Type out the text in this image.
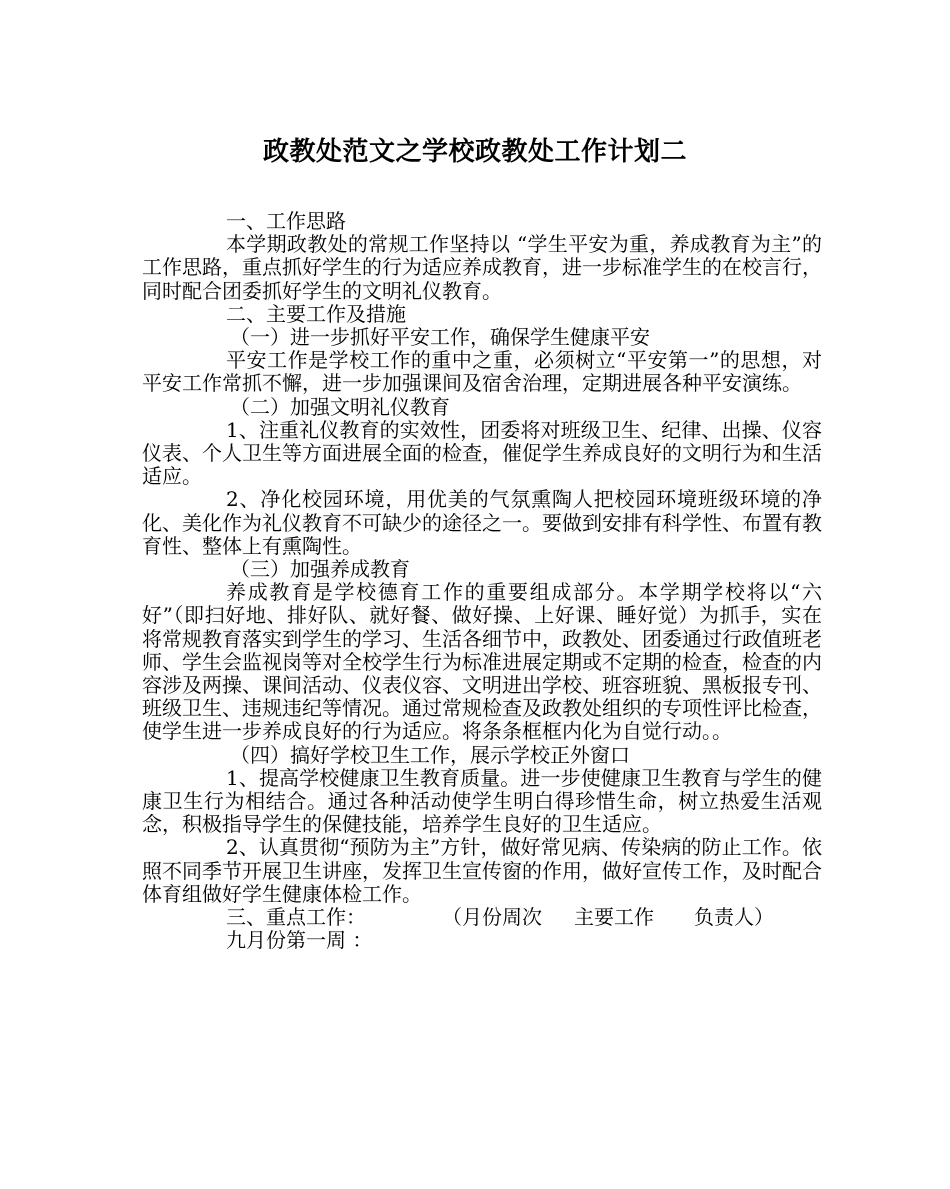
政教处范文之学校政教处工作计划二

一、工作思路

本学期政教处的常规工作坚持以 “学生平安为重，养成教育为主”的工作思路，重点抓好学生的行为适应养成教育，进一步标准学生的在校言行，同时配合团委抓好学生的文明礼仪教育。

二、主要工作及措施

（一）进一步抓好平安工作，确保学生健康平安

平安工作是学校工作的重中之重，必须树立“平安第一”的思想，对平安工作常抓不懈，进一步加强课间及宿舍治理，定期进展各种平安演练。

（二）加强文明礼仪教育

1、注重礼仪教育的实效性，团委将对班级卫生、纪律、出操、仪容仪表、个人卫生等方面进展全面的检查，催促学生养成良好的文明行为和生活适应。

2、净化校园环境，用优美的气氛熏陶人把校园环境班级环境的净化、美化作为礼仪教育不可缺少的途径之一。要做到安排有科学性、布置有教育性、整体上有熏陶性。

（三）加强养成教育

养成教育是学校德育工作的重要组成部分。本学期学校将以“六好”（即扫好地、排好队、就好餐、做好操、上好课、睡好觉）为抓手，实在将常规教育落实到学生的学习、生活各细节中，政教处、团委通过行政值班老师、学生会监视岗等对全校学生行为标准进展定期或不定期的检查，检查的内容涉及两操、课间活动、仪表仪容、文明进出学校、班容班貌、黑板报专刊、班级卫生、违规违纪等情况。通过常规检查及政教处组织的专项性评比检查，使学生进一步养成良好的行为适应。将条条框框内化为自觉行动。。

（四）搞好学校卫生工作，展示学校正外窗口

1、提高学校健康卫生教育质量。进一步使健康卫生教育与学生的健康卫生行为相结合。通过各种活动使学生明白得珍惜生命，树立热爱生活观念，积极指导学生的保健技能，培养学生良好的卫生适应。

2、认真贯彻“预防为主”方针，做好常见病、传染病的防止工作。依照不同季节开展卫生讲座，发挥卫生宣传窗的作用，做好宣传工作，及时配合体育组做好学生健康体检工作。

三、重点工作：	（月份周次 主要工作 负责人）

九月份第一周 ：
